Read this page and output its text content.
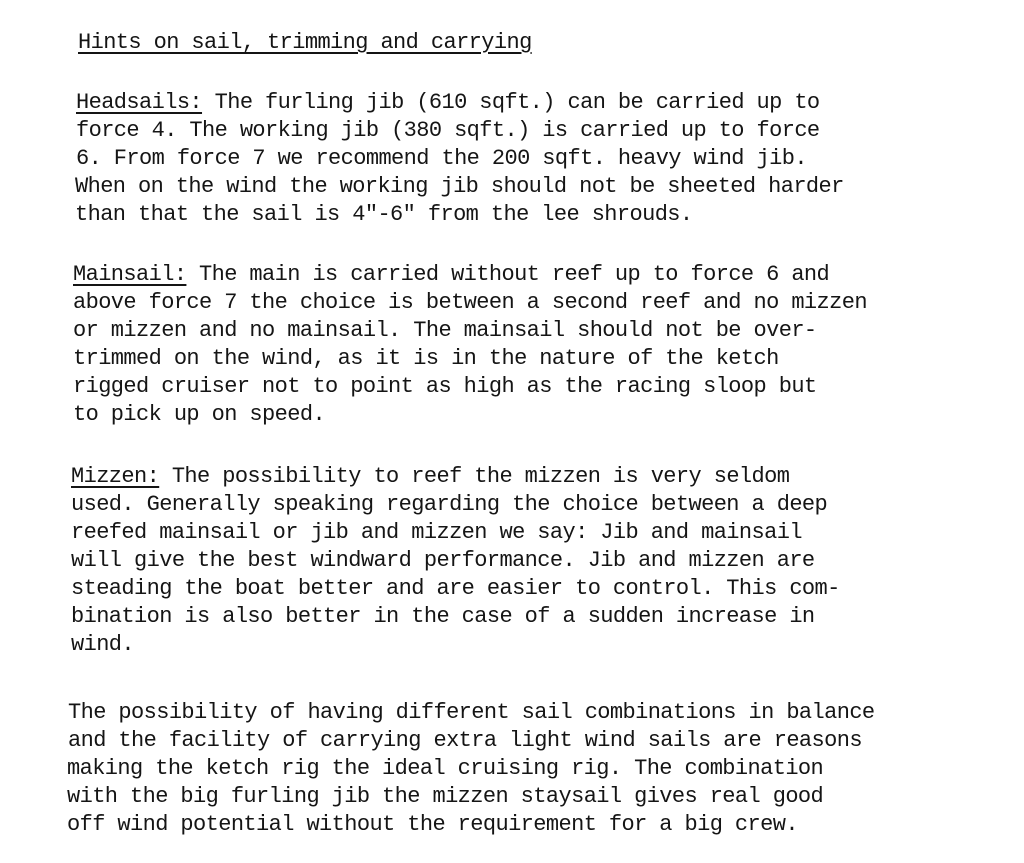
Hints on sail, trimming and carrying
Headsails: The furling jib (610 sqft.) can be carried up to
force 4. The working jib (380 sqft.) is carried up to force
6. From force 7 we recommend the 200 sqft. heavy wind jib.
When on the wind the working jib should not be sheeted harder
than that the sail is 4"-6" from the lee shrouds.
Mainsail: The main is carried without reef up to force 6 and
above force 7 the choice is between a second reef and no mizzen
or mizzen and no mainsail. The mainsail should not be over-
trimmed on the wind, as it is in the nature of the ketch
rigged cruiser not to point as high as the racing sloop but
to pick up on speed.
Mizzen: The possibility to reef the mizzen is very seldom
used. Generally speaking regarding the choice between a deep
reefed mainsail or jib and mizzen we say: Jib and mainsail
will give the best windward performance. Jib and mizzen are
steading the boat better and are easier to control. This com-
bination is also better in the case of a sudden increase in
wind.
The possibility of having different sail combinations in balance
and the facility of carrying extra light wind sails are reasons
making the ketch rig the ideal cruising rig. The combination
with the big furling jib the mizzen staysail gives real good
off wind potential without the requirement for a big crew.
